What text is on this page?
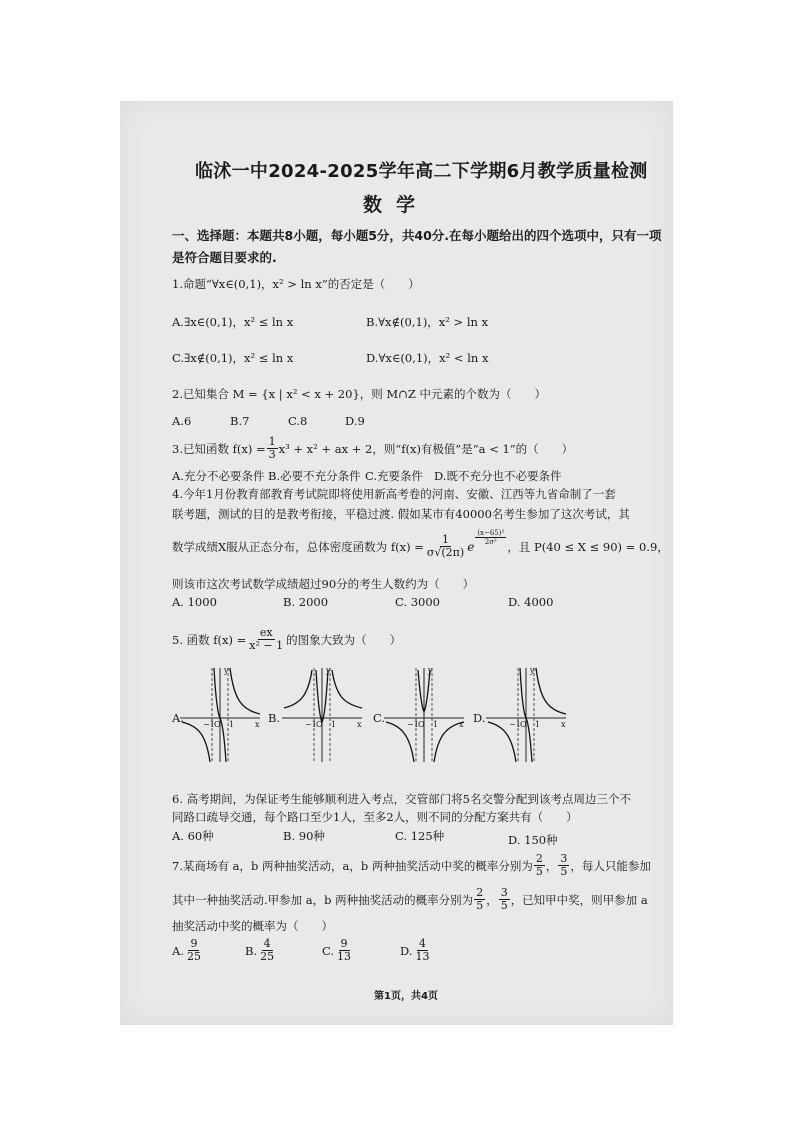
临沭一中2024-2025学年高二下学期6月教学质量检测
数学
一、选择题：本题共8小题，每小题5分，共40分.在每小题给出的四个选项中，只有一项
是符合题目要求的.
1.命题“∀x∈(0,1)，x² > ln x”的否定是（　　）
A.∃x∈(0,1)，x² ≤ ln x	B.∀x∉(0,1)，x² > ln x
C.∃x∉(0,1)，x² ≤ ln x	D.∀x∈(0,1)，x² < ln x
2.已知集合 M = {x | x² < x + 20}，则 M∩Z 中元素的个数为（　　）
A.6	B.7	C.8	D.9
3.已知函数 $f(x) = \frac{1}{3} x^3 + x^2$ + ax + 2，则“f(x)有极值”是“a < 1”的（　　）
A.充分不必要条件 B.必要不充分条件 C.充要条件 D.既不充分也不必要条件
4.今年1月份教育部教育考试院即将使用新高考卷的河南、安徽、江西等九省命制了一套
联考题，测试的目的是教考衔接，平稳过渡. 假如某市有40000名考生参加了这次考试，其
数学成绩X服从正态分布，总体密度函数为 $f(x) = \frac{1}{\sigma√(2\pi)}$ e
$\frac{\text{(x−65)²}}{\text{2σ²}}$
，且 P(40 ≤ X ≤ 90) = 0.9，
则该市这次考试数学成绩超过90分的考生人数约为（　　）
A. 1000	B. 2000	C. 3000	D. 4000
5. 函数 $f(x) = \frac{ex}{\text{x² − 1}}$ 的图象大致为（　　）
A.	B.	C.	D.
y
x
−1 O 1
y
x
−1 O 1
y
x
−1 O 1
y
x
−1 O 1
6. 高考期间，为保证考生能够顺利进入考点，交管部门将5名交警分配到该考点周边三个不
同路口疏导交通，每个路口至少1人，至多2人，则不同的分配方案共有（　　）
A. 60种	B. 90种	C. 125种	D. 150种
7.某商场有 a，b 两种抽奖活动，a，b 两种抽奖活动中奖的概率分别为 $\frac{2}{5}$ ， $\frac{3}{5}$ ，每人只能参加
其中一种抽奖活动.甲参加 a，b 两种抽奖活动的概率分别为 $\frac{2}{5}$ ， $\frac{3}{5}$ ，已知甲中奖，则甲参加 a
抽奖活动中奖的概率为（　　）
A. $\frac{9}{25}$	B. $\frac{4}{25}$	C. $\frac{9}{13}$	D. $\frac{4}{13}$
第1页，共4页
